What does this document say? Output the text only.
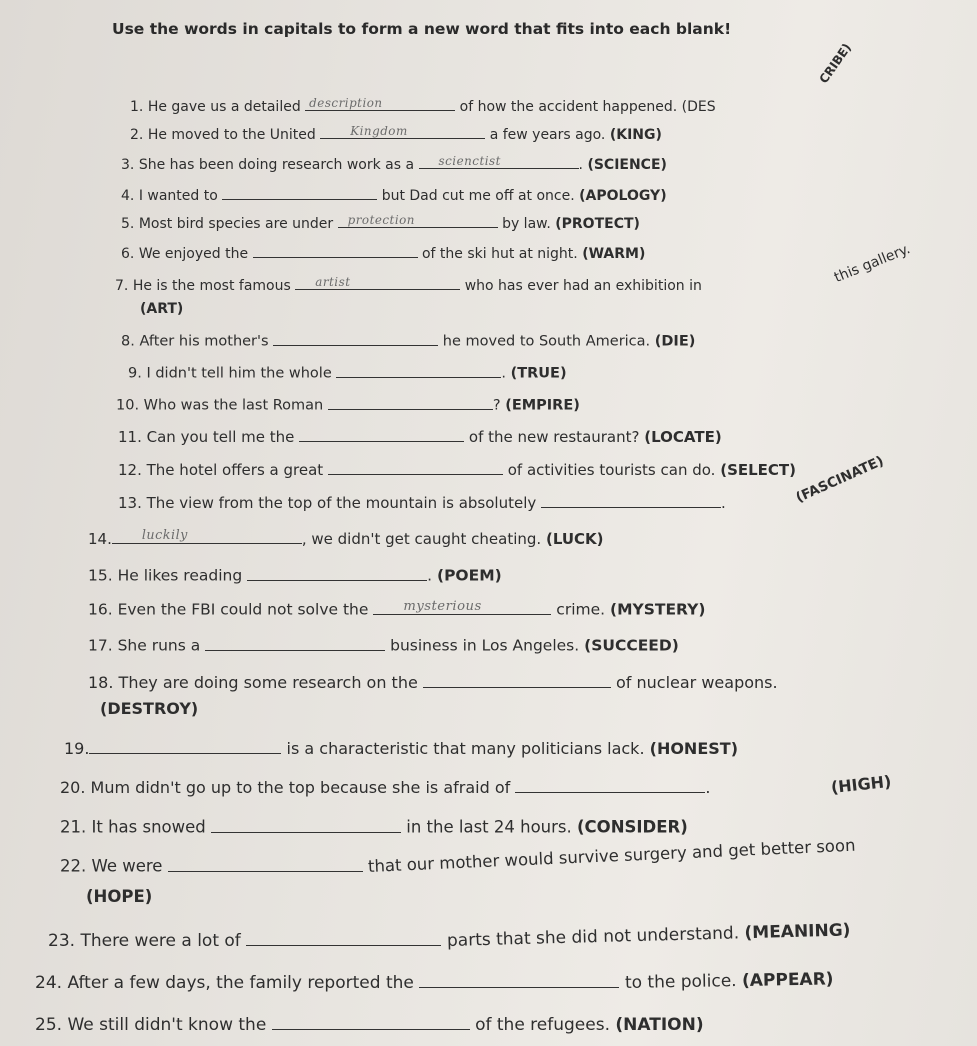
Use the words in capitals to form a new word that fits into each blank!
1. He gave us a detailed description	of how the accident happened. (DES
CRIBE)
2. He moved to the United	Kingdom	a few years ago. (KING)
3. She has been doing research work as a scienctist	. (SCIENCE)
4. I wanted to	but Dad cut me off at once. (APOLOGY)
5. Most bird species are under protection	by law. (PROTECT)
6. We enjoyed the	of the ski hut at night. (WARM)
7. He is the most famous artist	who has ever had an exhibition in	this gallery.
(ART)
8. After his mother's	he moved to South America. (DIE)
9. I didn't tell him the whole	. (TRUE)
10. Who was the last Roman	? (EMPIRE)
11. Can you tell me the	of the new restaurant? (LOCATE)
12. The hotel offers a great	of activities tourists can do. (SELECT)
13. The view from the top of the mountain is absolutely	.	(FASCINATE)
14. luckily	, we didn't get caught cheating. (LUCK)
15. He likes reading	. (POEM)
16. Even the FBI could not solve the	mysterious	crime. (MYSTERY)
17. She runs a	business in Los Angeles. (SUCCEED)
18. They are doing some research on the	of nuclear weapons.
(DESTROY)
19.	is a characteristic that many politicians lack. (HONEST)
20. Mum didn't go up to the top because she is afraid of	.	(HIGH)
21. It has snowed	in the last 24 hours. (CONSIDER)
22. We were	that our mother would survive surgery and get better soon
(HOPE)
23. There were a lot of	parts that she did not understand. (MEANING)
24. After a few days, the family reported the	to the police. (APPEAR)
25. We still didn't know the	of the refugees. (NATION)
